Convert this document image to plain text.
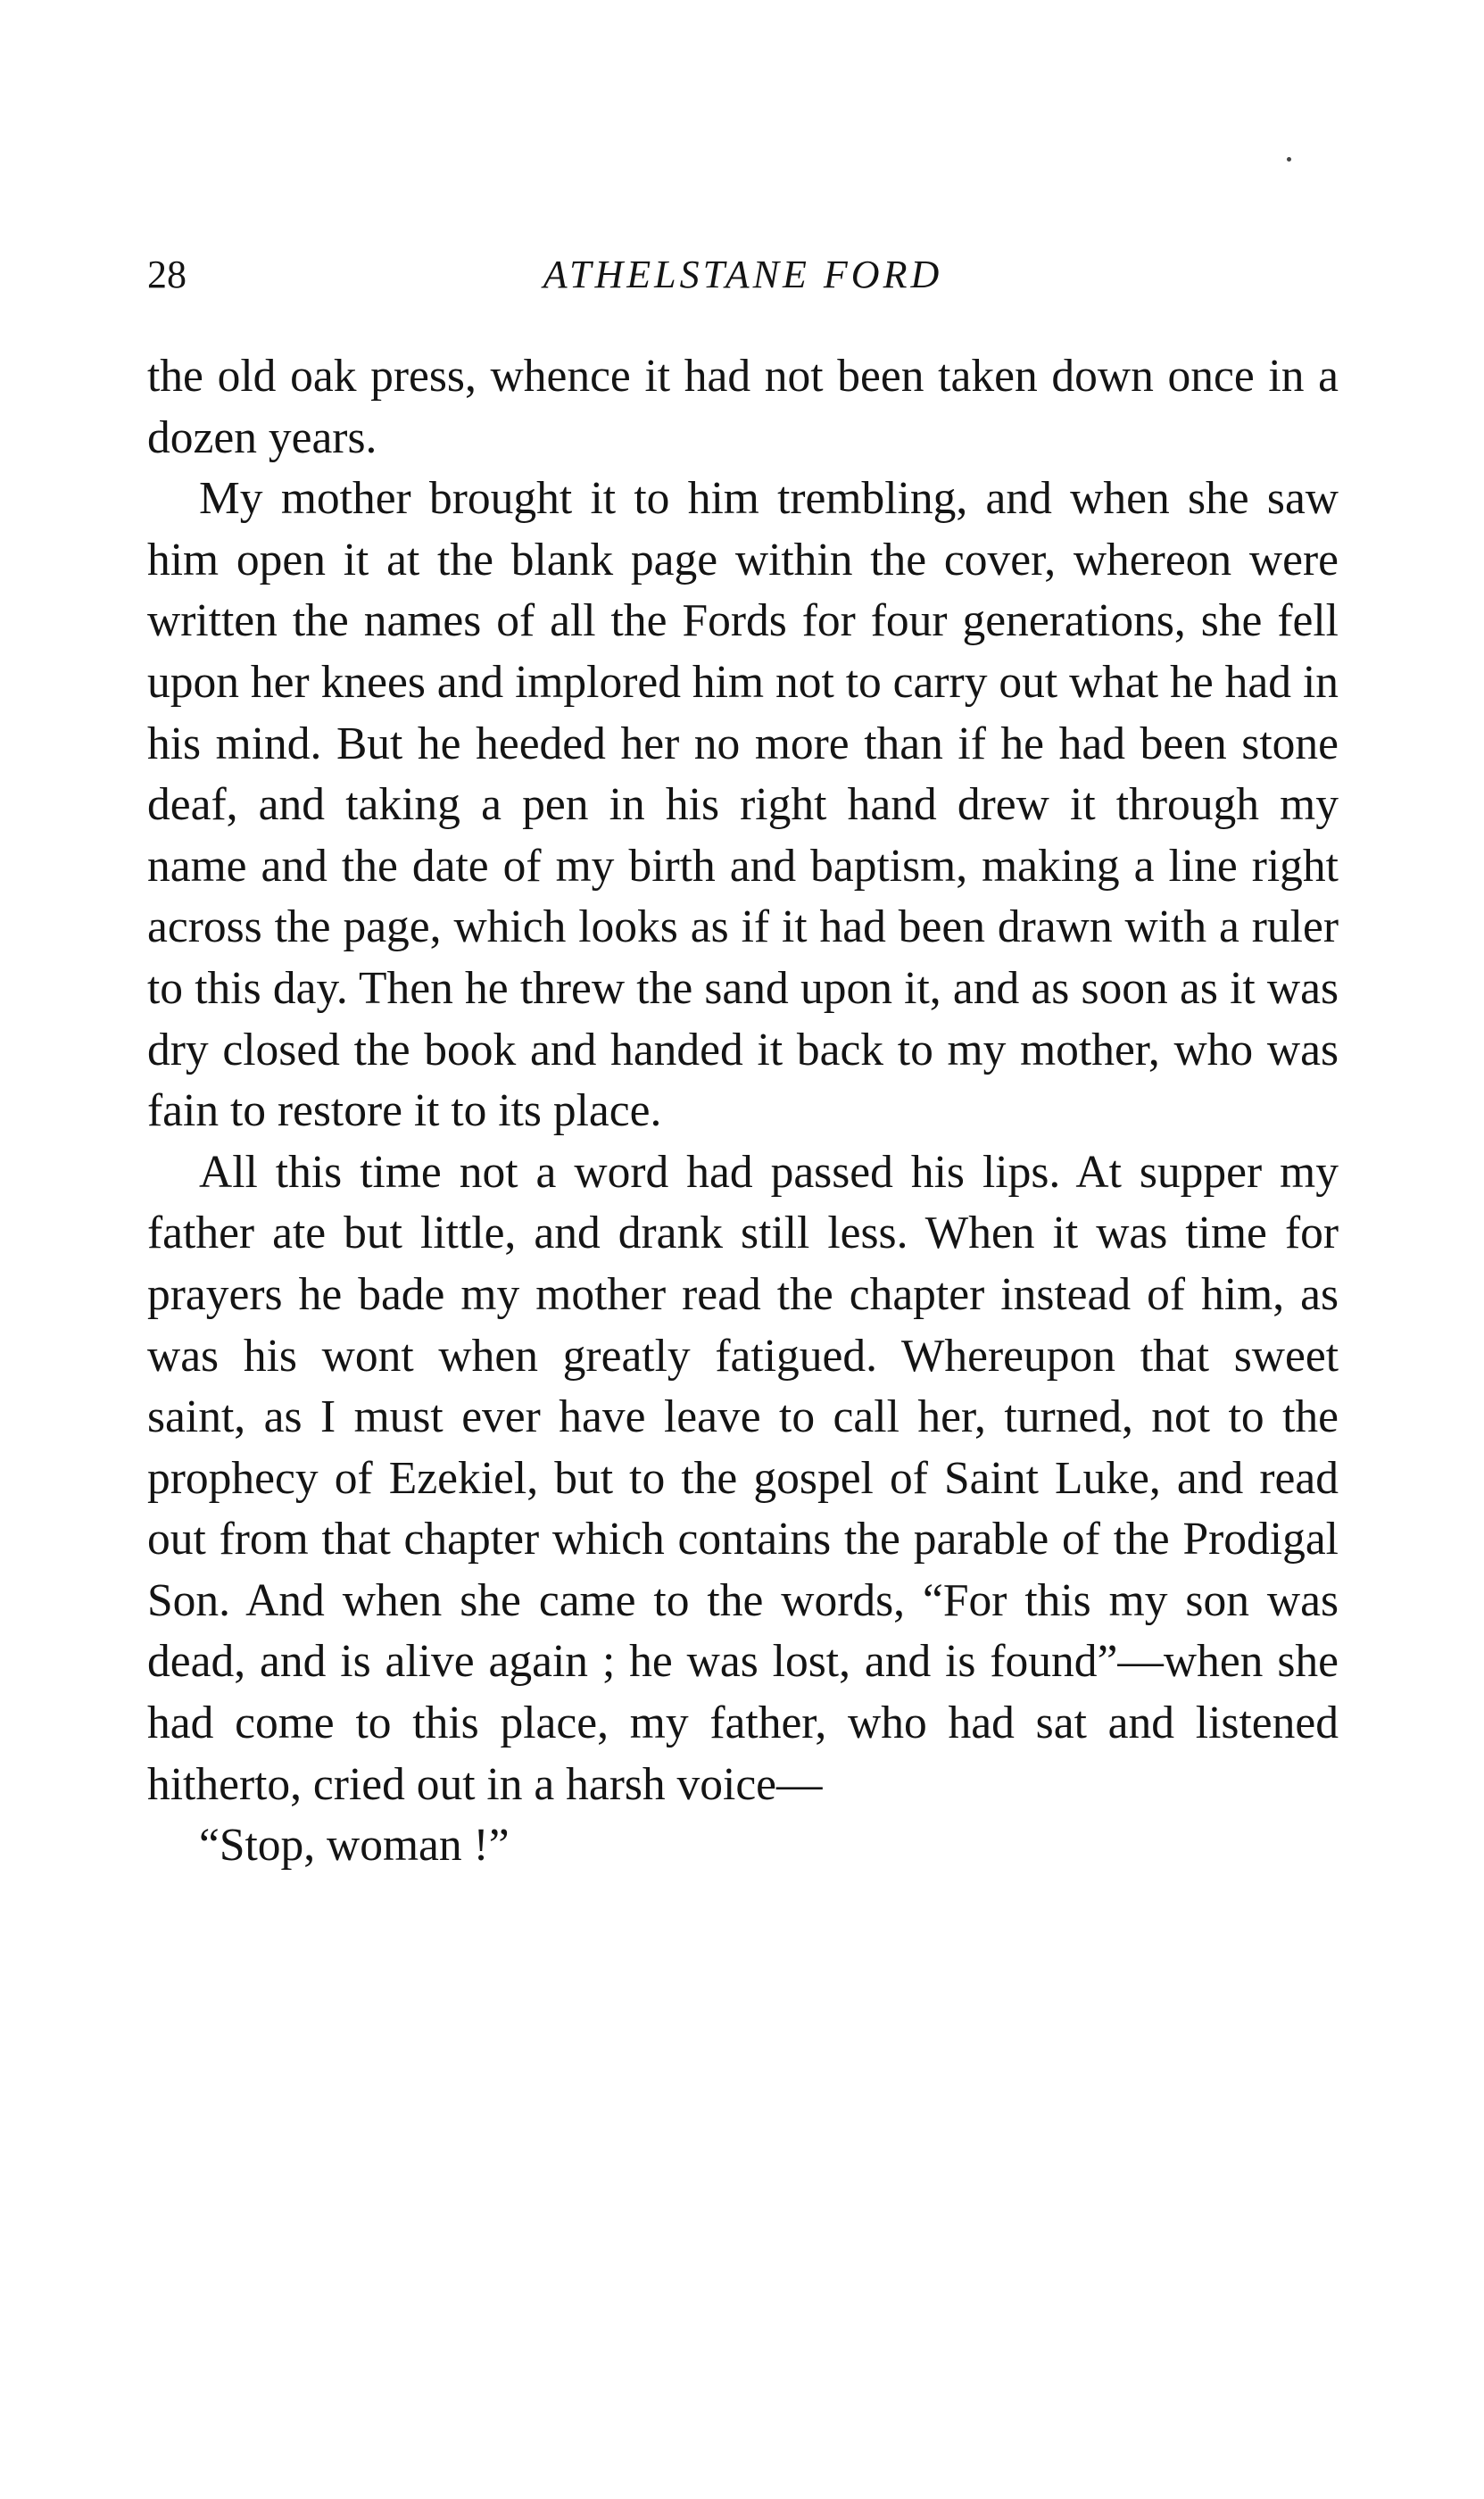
28	ATHELSTANE FORD

the old oak press, whence it had not been taken down once in a dozen years.

My mother brought it to him trembling, and when she saw him open it at the blank page within the cover, whereon were written the names of all the Fords for four generations, she fell upon her knees and implored him not to carry out what he had in his mind. But he heeded her no more than if he had been stone deaf, and taking a pen in his right hand drew it through my name and the date of my birth and baptism, making a line right across the page, which looks as if it had been drawn with a ruler to this day. Then he threw the sand upon it, and as soon as it was dry closed the book and handed it back to my mother, who was fain to restore it to its place.

All this time not a word had passed his lips. At supper my father ate but little, and drank still less. When it was time for prayers he bade my mother read the chapter instead of him, as was his wont when greatly fatigued. Whereupon that sweet saint, as I must ever have leave to call her, turned, not to the prophecy of Ezekiel, but to the gospel of Saint Luke, and read out from that chapter which contains the parable of the Prodigal Son. And when she came to the words, “For this my son was dead, and is alive again ; he was lost, and is found”—when she had come to this place, my father, who had sat and listened hitherto, cried out in a harsh voice—

“Stop, woman !”
